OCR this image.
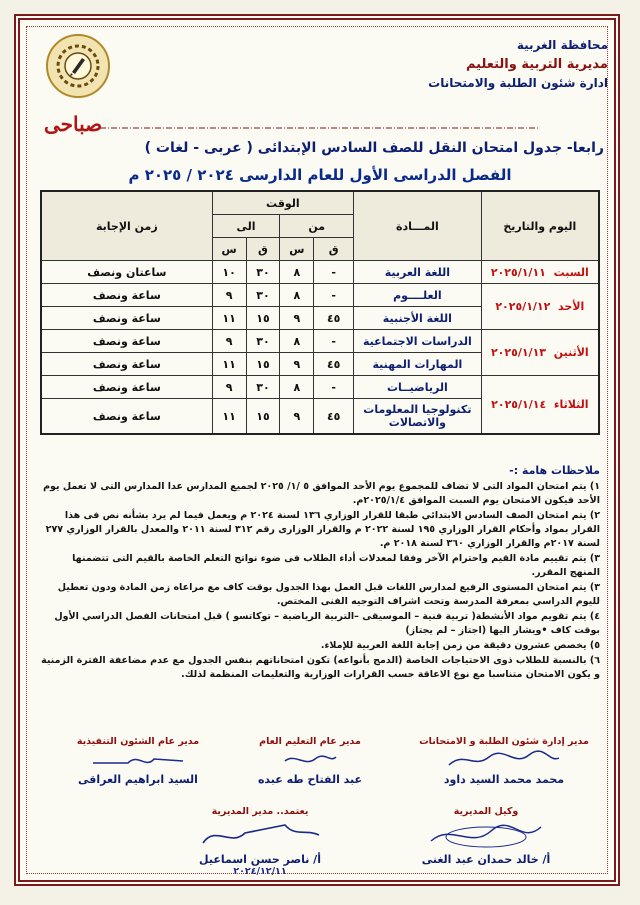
محافظة الغربية
مديرية التربية والتعليم
ادارة شئون الطلبة والامتحانات
صباحى
رابعا- جدول امتحان النقل للصف السادس الإبتدائى ( عربى - لغات )
الفصل الدراسى الأول للعام الدارسى ٢٠٢٤ / ٢٠٢٥ م
اليوم والتاريخ	المـــادة	الوقت				زمن الإجابة
		من		الى		
		ق	س	ق	س	
السبت  ٢٠٢٥/١/١١	اللغة العربية	-	٨	٣٠	١٠	ساعتان ونصف
الأحد  ٢٠٢٥/١/١٢	العلــــوم	-	٨	٣٠	٩	ساعة ونصف
	اللغة الأجنبية	٤٥	٩	١٥	١١	ساعة ونصف
الأثنين  ٢٠٢٥/١/١٣	الدراسات الاجتماعية	-	٨	٣٠	٩	ساعة ونصف
	المهارات المهنية	٤٥	٩	١٥	١١	ساعة ونصف
الثلاثاء  ٢٠٢٥/١/١٤	الرياضيــات	-	٨	٣٠	٩	ساعة ونصف
	تكنولوجيا المعلومات والاتصالات	٤٥	٩	١٥	١١	ساعة ونصف
ملاحظات هامة :-

١) يتم امتحان المواد التى لا تضاف للمجموع يوم الأحد الموافق ٥ /١/ ٢٠٢٥ لجميع المدارس عدا المدارس التى لا تعمل يوم الأحد فيكون الامتحان يوم السبت الموافق ٢٠٢٥/١/٤م.

٢) يتم امتحان الصف السادس الابتدائي طبقا للقرار الوزاري ١٣٦ لسنة ٢٠٢٤ م ويعمل فيما لم يرد بشأنه نص فى هذا القرار بمواد وأحكام القرار الوزاري ١٩٥ لسنة ٢٠٢٢ م والقرار الوزارى رقم ٣١٢ لسنة ٢٠١١ والمعدل بالقرار الوزاري ٢٧٧ لسنة ٢٠١٧م والقرار الوزاري ٣٦٠ لسنة ٢٠١٨ م.

٣) يتم تقييم مادة القيم واحترام الآخر وفقا لمعدلات أداء الطلاب فى ضوء نواتج التعلم الخاصة بالقيم التى تتضمنها المنهج المقرر.

٣) يتم امتحان المستوى الرفيع لمدارس اللغات قبل العمل بهذا الجدول بوقت كاف مع مراعاه زمن المادة ودون تعطيل لليوم الدراسي بمعرفة المدرسة وتحت اشراف التوجيه الفنى المختص.

٤) يتم تقويم مواد الأنشطة( تربية فنية – الموسيقى –التربية الرياضية – توكاتسو ) قبل امتحانات الفصل الدراسي الأول بوقت كاف •ويشار اليها (اجتاز – لم يجتاز)

٥) يخصص عشرون دقيقة من زمن إجابة اللغة العربية للإملاء.

٦) بالنسبة للطلاب ذوى الاحتياجات الخاصة (الدمج بأنواعه) تكون امتحاناتهم بنفس الجدول مع عدم مضاعفة الفترة الزمنية و يكون الامتحان متناسبا مع نوع الاعاقة حسب القرارات الوزارية والتعليمات المنظمة لذلك.

مدير إدارة شئون الطلبة و الامتحانات
محمد محمد السيد داود
مدير عام التعليم العام
عبد الفتاح طه عبده
مدير عام الشئون التنفيذية
السيد ابراهيم العراقى
وكيل المديرية
أ/ خالد حمدان عبد الغنى
يعتمد.. مدير المديرية
أ/ ناصر حسن اسماعيل
٢٠٢٤/١٢/١١
